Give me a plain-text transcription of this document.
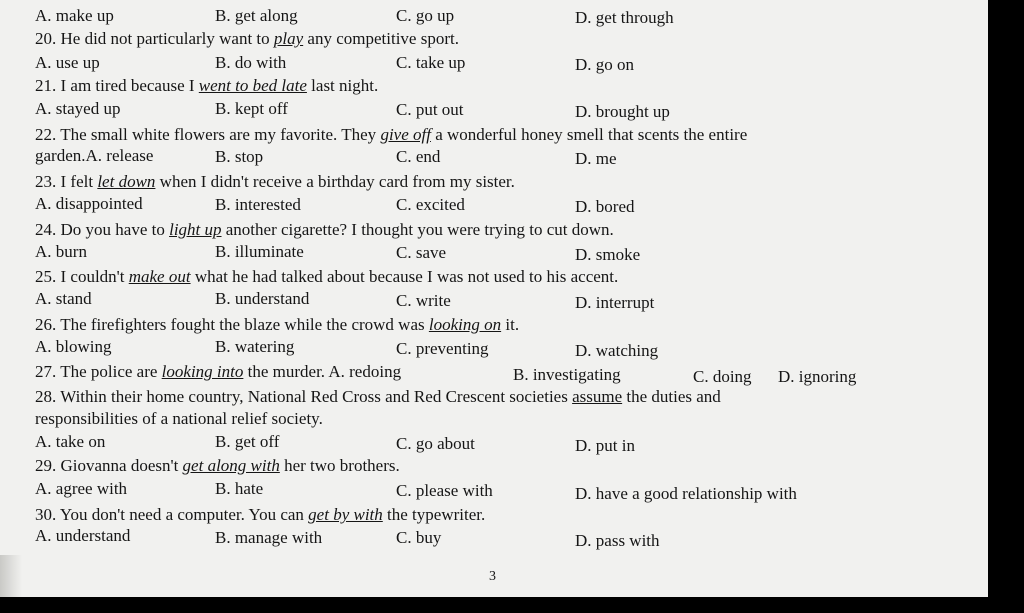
A. make up	B. get along	C. go up	D. get through
20. He did not particularly want to play any competitive sport.
A. use up	B. do with	C. take up	D. go on
21. I am tired because I went to bed late last night.
A. stayed up	B. kept off	C. put out	D. brought up
22. The small white flowers are my favorite. They give off a wonderful honey smell that scents the entire
garden.A. release	B. stop	C. end	D. me
23. I felt let down when I didn't receive a birthday card from my sister.
A. disappointed	B. interested	C. excited	D. bored
24. Do you have to light up another cigarette? I thought you were trying to cut down.
A. burn	B. illuminate	C. save	D. smoke
25. I couldn't make out what he had talked about because I was not used to his accent.
A. stand	B. understand	C. write	D. interrupt
26. The firefighters fought the blaze while the crowd was looking on it.
A. blowing	B. watering	C. preventing	D. watching
27. The police are looking into the murder. A. redoing	B. investigating	C. doing D. ignoring
28. Within their home country, National Red Cross and Red Crescent societies assume the duties and
responsibilities of a national relief society.
A. take on	B. get off	C. go about	D. put in
29. Giovanna doesn't get along with her two brothers.
A. agree with	B. hate	C. please with	D. have a good relationship with
30. You don't need a computer. You can get by with the typewriter.
A. understand	B. manage with	C. buy	D. pass with
3
